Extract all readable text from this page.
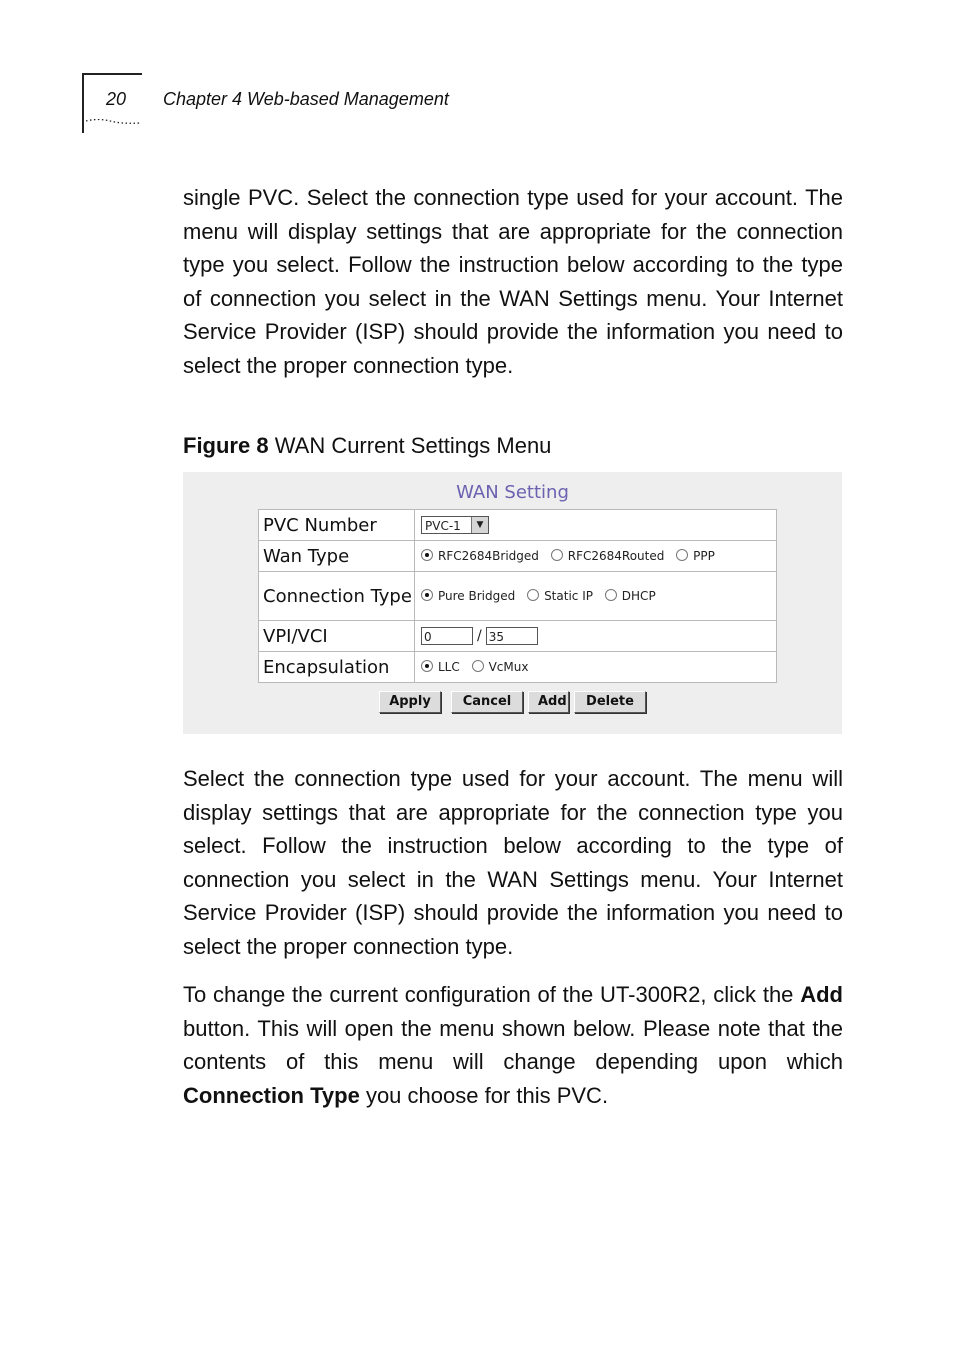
20 Chapter 4 Web-based Management

single PVC. Select the connection type used for your account. The menu will display settings that are appropriate for the connection type you select. Follow the instruction below according to the type of connection you select in the WAN Settings menu. Your Internet Service Provider (ISP) should provide the information you need to select the proper connection type.

Figure 8 WAN Current Settings Menu
WAN Setting
PVC Number	PVC-1 ▼

Wan Type	RFC2684Bridged RFC2684Routed PPP
Connection Type	Pure Bridged Static IP DHCP
VPI/VCI	0 / 35
Encapsulation	LLC VcMux
Apply Cancel Add Delete

Select the connection type used for your account. The menu will display settings that are appropriate for the connection type you select. Follow the instruction below according to the type of connection you select in the WAN Settings menu. Your Internet Service Provider (ISP) should provide the information you need to select the proper connection type.

To change the current configuration of the UT-300R2, click the Add button. This will open the menu shown below. Please note that the contents of this menu will change depending upon which Connection Type you choose for this PVC.
